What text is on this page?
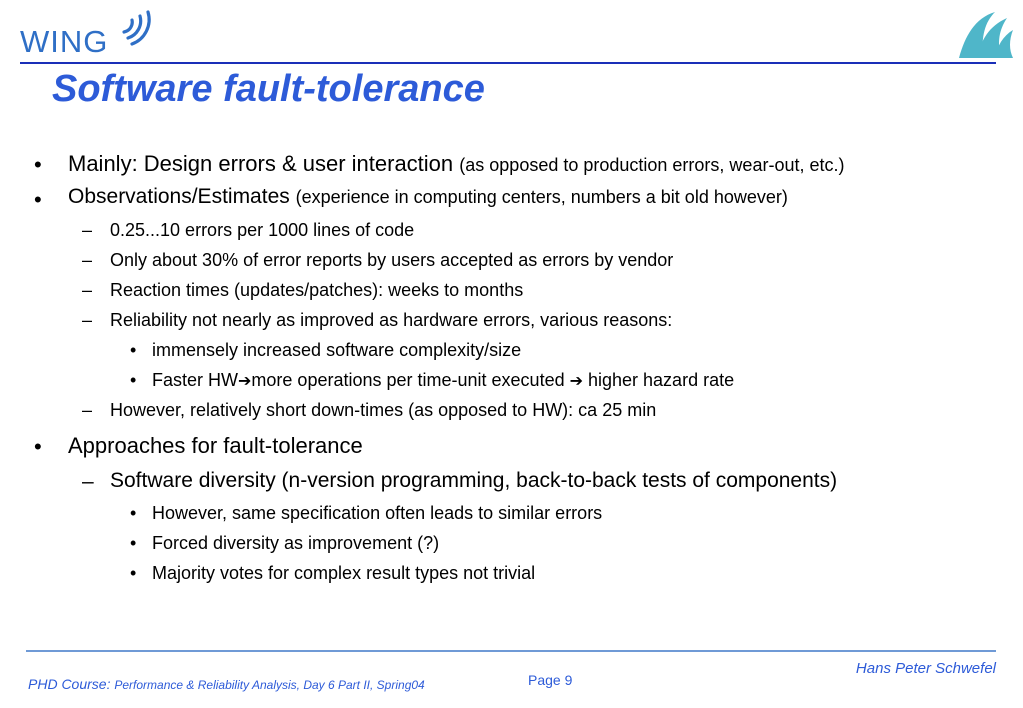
WING
Software fault-tolerance
• Mainly: Design errors & user interaction (as opposed to production errors, wear-out, etc.)
• Observations/Estimates (experience in computing centers, numbers a bit old however)
– 0.25...10 errors per 1000 lines of code
– Only about 30% of error reports by users accepted as errors by vendor
– Reaction times (updates/patches): weeks to months
– Reliability not nearly as improved as hardware errors, various reasons:
• immensely increased software complexity/size
• Faster HW➔more operations per time-unit executed ➔ higher hazard rate
– However, relatively short down-times (as opposed to HW): ca 25 min
• Approaches for fault-tolerance
– Software diversity (n-version programming, back-to-back tests of components)
• However, same specification often leads to similar errors
• Forced diversity as improvement (?)
• Majority votes for complex result types not trivial
PHD Course: Performance & Reliability Analysis, Day 6 Part II, Spring04	Page 9
Hans Peter Schwefel
